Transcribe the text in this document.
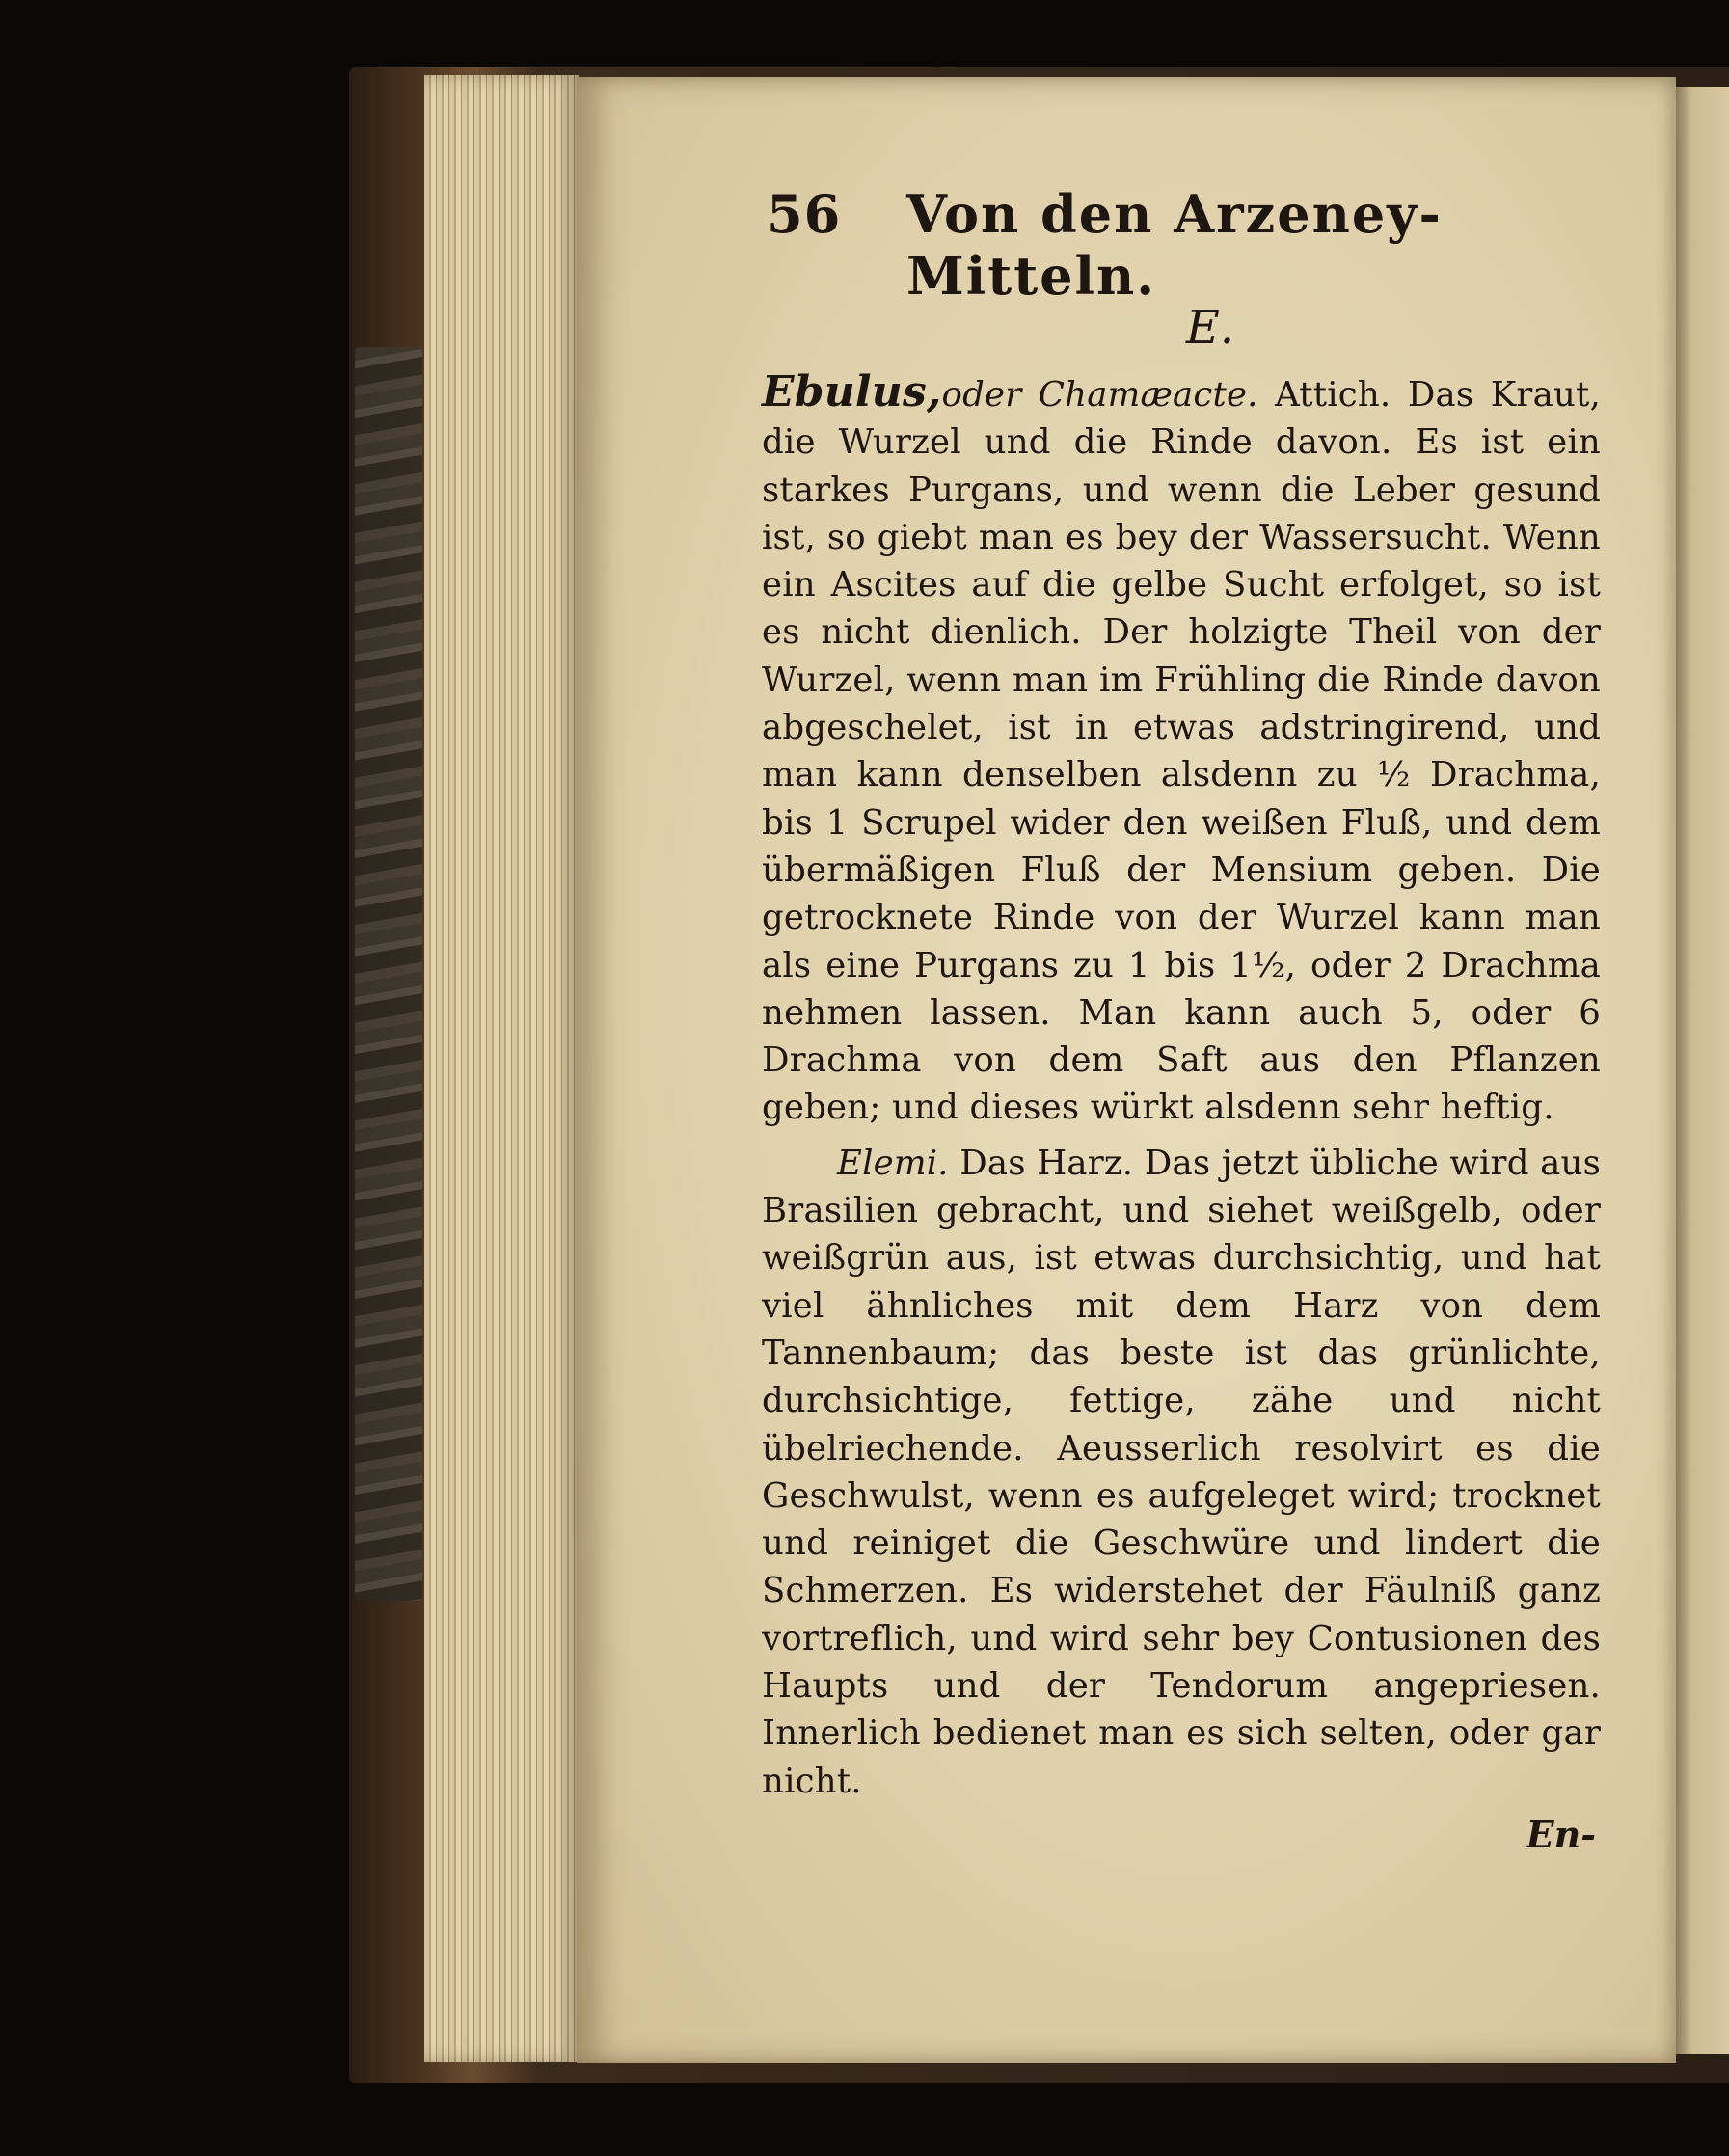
56 Von den Arzeney-Mitteln.
E.

Ebulus,oder Chamæacte. Attich. Das Kraut, die Wurzel und die Rinde davon. Es ist ein starkes Purgans, und wenn die Leber gesund ist, so giebt man es bey der Wassersucht. Wenn ein Ascites auf die gelbe Sucht erfolget, so ist es nicht dienlich. Der holzigte Theil von der Wurzel, wenn man im Frühling die Rinde davon abgeschelet, ist in etwas adstringirend, und man kann denselben alsdenn zu ½ Drachma, bis 1 Scrupel wider den weißen Fluß, und dem übermäßigen Fluß der Mensium geben. Die getrocknete Rinde von der Wurzel kann man als eine Purgans zu 1 bis 1½, oder 2 Drachma nehmen lassen. Man kann auch 5, oder 6 Drachma von dem Saft aus den Pflanzen geben; und dieses würkt alsdenn sehr heftig.

Elemi. Das Harz. Das jetzt übliche wird aus Brasilien gebracht, und siehet weißgelb, oder weißgrün aus, ist etwas durchsichtig, und hat viel ähnliches mit dem Harz von dem Tannenbaum; das beste ist das grünlichte, durchsichtige, fettige, zähe und nicht übelriechende. Aeusserlich resolvirt es die Geschwulst, wenn es aufgeleget wird; trocknet und reiniget die Geschwüre und lindert die Schmerzen. Es widerstehet der Fäulniß ganz vortreflich, und wird sehr bey Contusionen des Haupts und der Tendorum angepriesen. Innerlich bedienet man es sich selten, oder gar nicht.

En-
